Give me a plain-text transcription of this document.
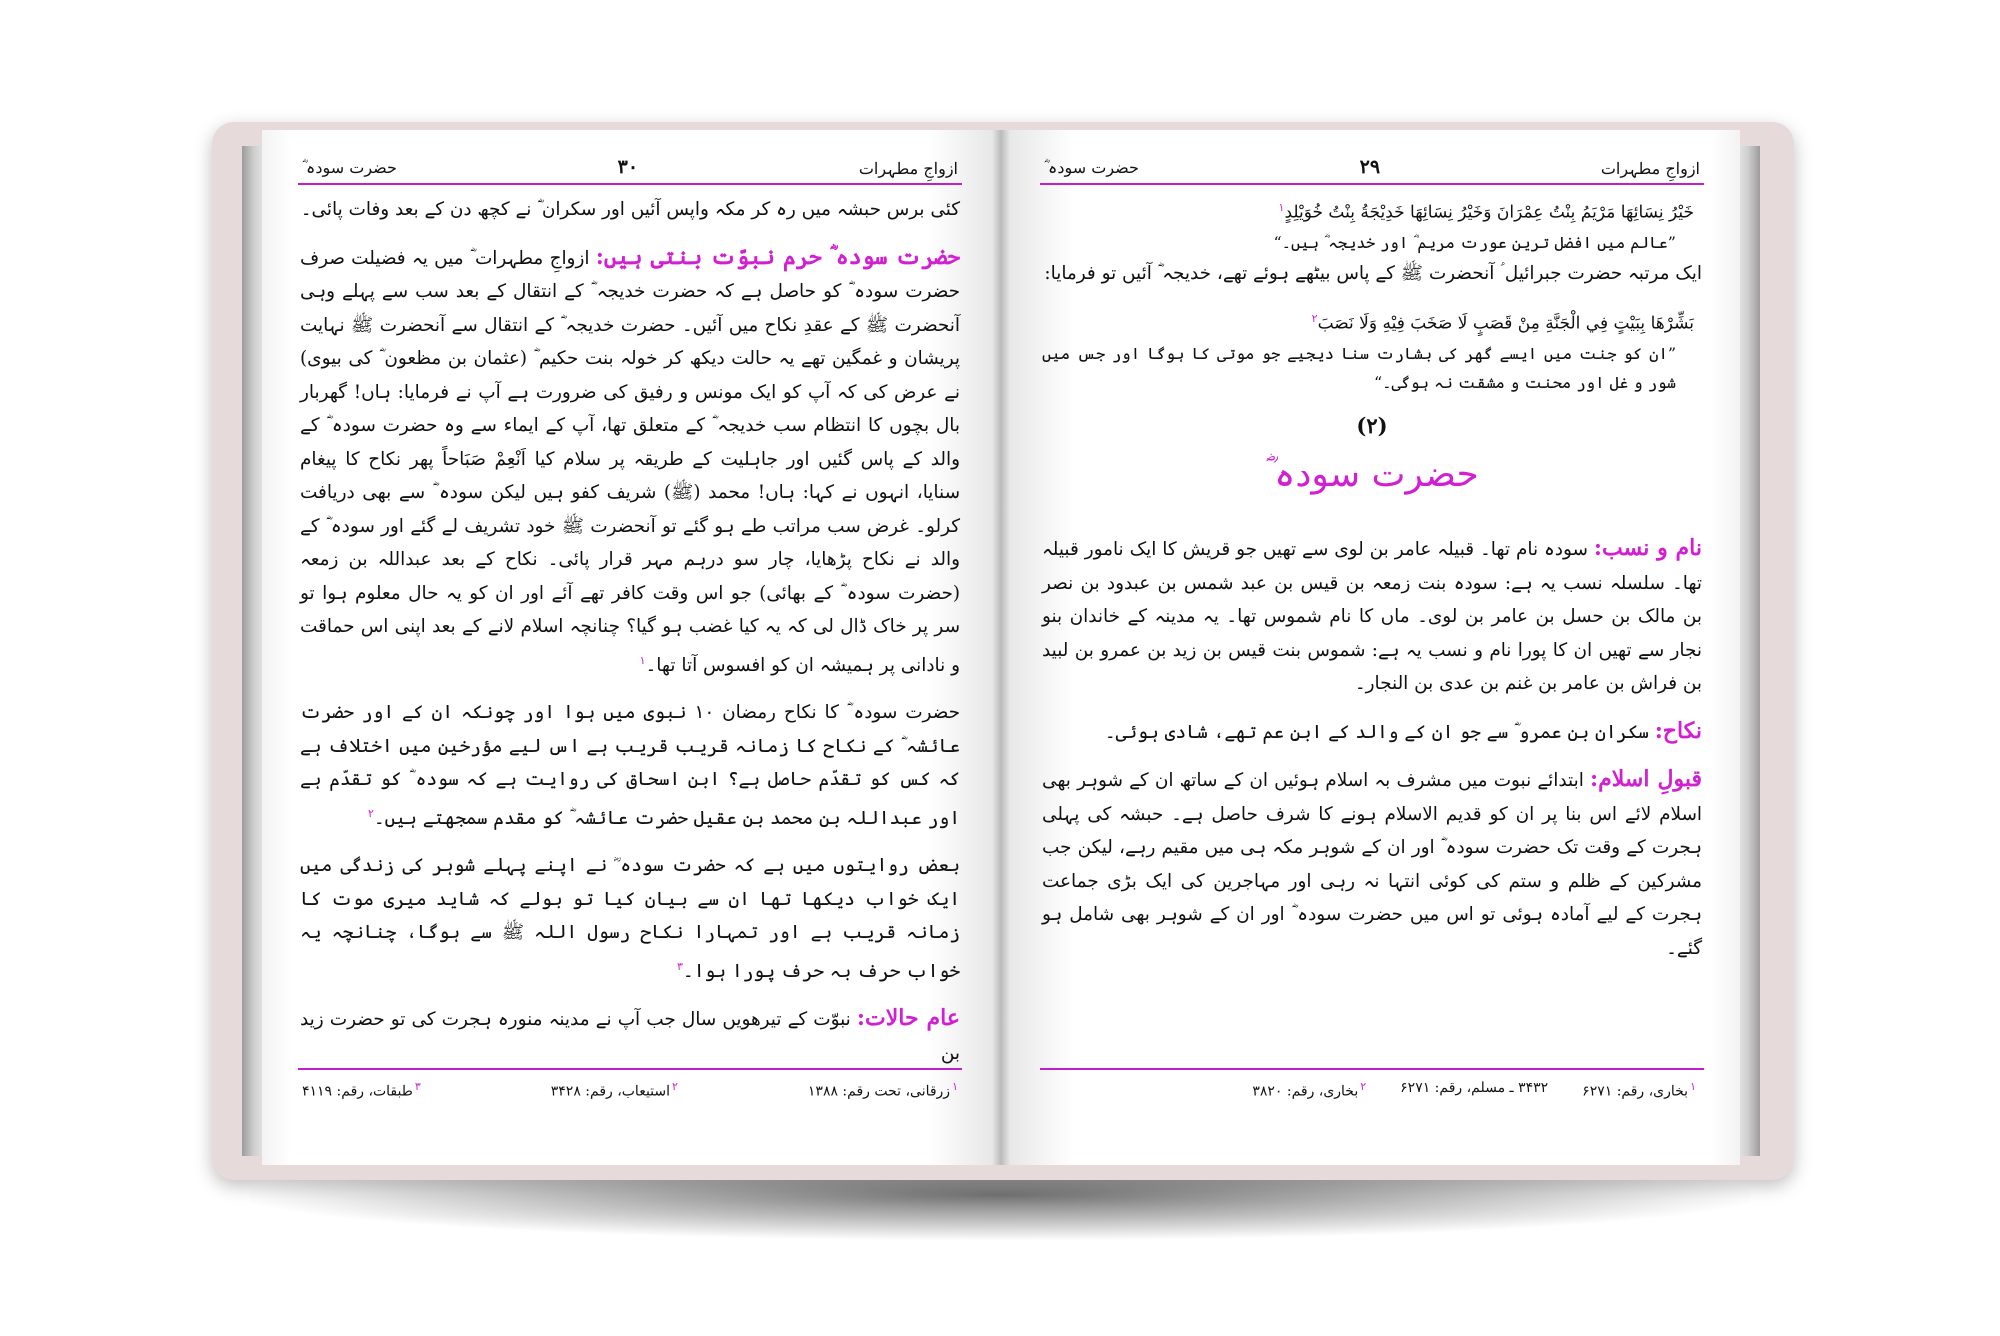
ازواجِ مطہرات
۳۰
حضرت سودہ ؓ

کئی برس حبشہ میں رہ کر مکہ واپس آئیں اور سکران ؓ نے کچھ دن کے بعد وفات پائی۔

حضرت سودہ ؓ حرم نبوّت بنتی ہیں: ازواجِ مطہرات ؓ میں یہ فضیلت صرف حضرت سودہ ؓ کو حاصل ہے کہ حضرت خدیجہ ؓ کے انتقال کے بعد سب سے پہلے وہی آنحضرت ﷺ کے عقدِ نکاح میں آئیں۔ حضرت خدیجہ ؓ کے انتقال سے آنحضرت ﷺ نہایت پریشان و غمگین تھے یہ حالت دیکھ کر خولہ بنت حکیم ؓ (عثمان بن مظعون ؓ کی بیوی) نے عرض کی کہ آپ کو ایک مونس و رفیق کی ضرورت ہے آپ نے فرمایا: ہاں! گھربار بال بچوں کا انتظام سب خدیجہ ؓ کے متعلق تھا، آپ کے ایماء سے وہ حضرت سودہ ؓ کے والد کے پاس گئیں اور جاہلیت کے طریقہ پر سلام کیا اَنْعِمْ صَبَاحاً پھر نکاح کا پیغام سنایا، انہوں نے کہا: ہاں! محمد (ﷺ) شریف کفو ہیں لیکن سودہ ؓ سے بھی دریافت کرلو۔ غرض سب مراتب طے ہو گئے تو آنحضرت ﷺ خود تشریف لے گئے اور سودہ ؓ کے والد نے نکاح پڑھایا، چار سو درہم مہر قرار پائی۔ نکاح کے بعد عبداللہ بن زمعہ (حضرت سودہ ؓ کے بھائی) جو اس وقت کافر تھے آئے اور ان کو یہ حال معلوم ہوا تو سر پر خاک ڈال لی کہ یہ کیا غضب ہو گیا؟ چنانچہ اسلام لانے کے بعد اپنی اس حماقت و نادانی پر ہمیشہ ان کو افسوس آتا تھا۔$^۱$

حضرت سودہ ؓ کا نکاح رمضان ۱۰ نبوی میں ہوا اور چونکہ ان کے اور حضرت عائشہ ؓ کے نکاح کا زمانہ قریب قریب ہے اس لیے مؤرخین میں اختلاف ہے کہ کس کو تقدّم حاصل ہے؟ ابن اسحاق کی روایت ہے کہ سودہ ؓ کو تقدّم ہے اور عبداللہ بن محمد بن عقیل حضرت عائشہ ؓ کو مقدم سمجھتے ہیں۔$^۲$

بعض روایتوں میں ہے کہ حضرت سودہ ؓ نے اپنے پہلے شوہر کی زندگی میں ایک خواب دیکھا تھا ان سے بیان کیا تو بولے کہ شاید میری موت کا زمانہ قریب ہے اور تمہارا نکاح رسول اللہ ﷺ سے ہوگا، چنانچہ یہ خواب حرف بہ حرف پورا ہوا۔$^۳$

عام حالات: نبوّت کے تیرھویں سال جب آپ نے مدینہ منورہ ہجرت کی تو حضرت زید بن

$^۱$زرقانی، تحت رقم: ۱۳۸۸
$^۲$استیعاب، رقم: ۳۴۲۸
$^۳$طبقات، رقم: ۴۱۱۹
ازواجِ مطہرات
۲۹
حضرت سودہ ؓ
خَيْرُ نِسَائِهَا مَرْيَمُ بِنْتُ عِمْرَانَ وَخَيْرُ نِسَائِهَا خَدِيْجَةُ بِنْتُ خُوَيْلِدٍ$^۱$
”عالم میں افضل ترین عورت مریم ؓ اور خدیجہ ؓ ہیں۔“

ایک مرتبہ حضرت جبرائیل ؑ آنحضرت ﷺ کے پاس بیٹھے ہوئے تھے، خدیجہ ؓ آئیں تو فرمایا:

بَشِّرْهَا بِبَيْتٍ فِي الْجَنَّةِ مِنْ قَصَبٍ لَا صَخَبَ فِيْهِ وَلَا نَصَبَ$^۲$
”ان کو جنت میں ایسے گھر کی بشارت سنا دیجیے جو موتی کا ہوگا اور جس میں شور و غل اور محنت و مشقت نہ ہوگی۔“
(۲)
حضرت سودہ ؓ

نام و نسب: سودہ نام تھا۔ قبیلہ عامر بن لوی سے تھیں جو قریش کا ایک نامور قبیلہ تھا۔ سلسلہ نسب یہ ہے: سودہ بنت زمعہ بن قیس بن عبد شمس بن عبدود بن نصر بن مالک بن حسل بن عامر بن لوی۔ ماں کا نام شموس تھا۔ یہ مدینہ کے خاندان بنو نجار سے تھیں ان کا پورا نام و نسب یہ ہے: شموس بنت قیس بن زید بن عمرو بن لبید بن فراش بن عامر بن غنم بن عدی بن النجار۔

نکاح: سکران بن عمرو ؓ سے جو ان کے والد کے ابنِ عم تھے، شادی ہوئی۔

قبولِ اسلام: ابتدائے نبوت میں مشرف بہ اسلام ہوئیں ان کے ساتھ ان کے شوہر بھی اسلام لائے اس بنا پر ان کو قدیم الاسلام ہونے کا شرف حاصل ہے۔ حبشہ کی پہلی ہجرت کے وقت تک حضرت سودہ ؓ اور ان کے شوہر مکہ ہی میں مقیم رہے، لیکن جب مشرکین کے ظلم و ستم کی کوئی انتہا نہ رہی اور مہاجرین کی ایک بڑی جماعت ہجرت کے لیے آمادہ ہوئی تو اس میں حضرت سودہ ؓ اور ان کے شوہر بھی شامل ہو گئے۔

$^۱$بخاری، رقم: ۶۲۷۱
۳۴۳۲ ـ مسلم، رقم: ۶۲۷۱
$^۲$بخاری، رقم: ۳۸۲۰
